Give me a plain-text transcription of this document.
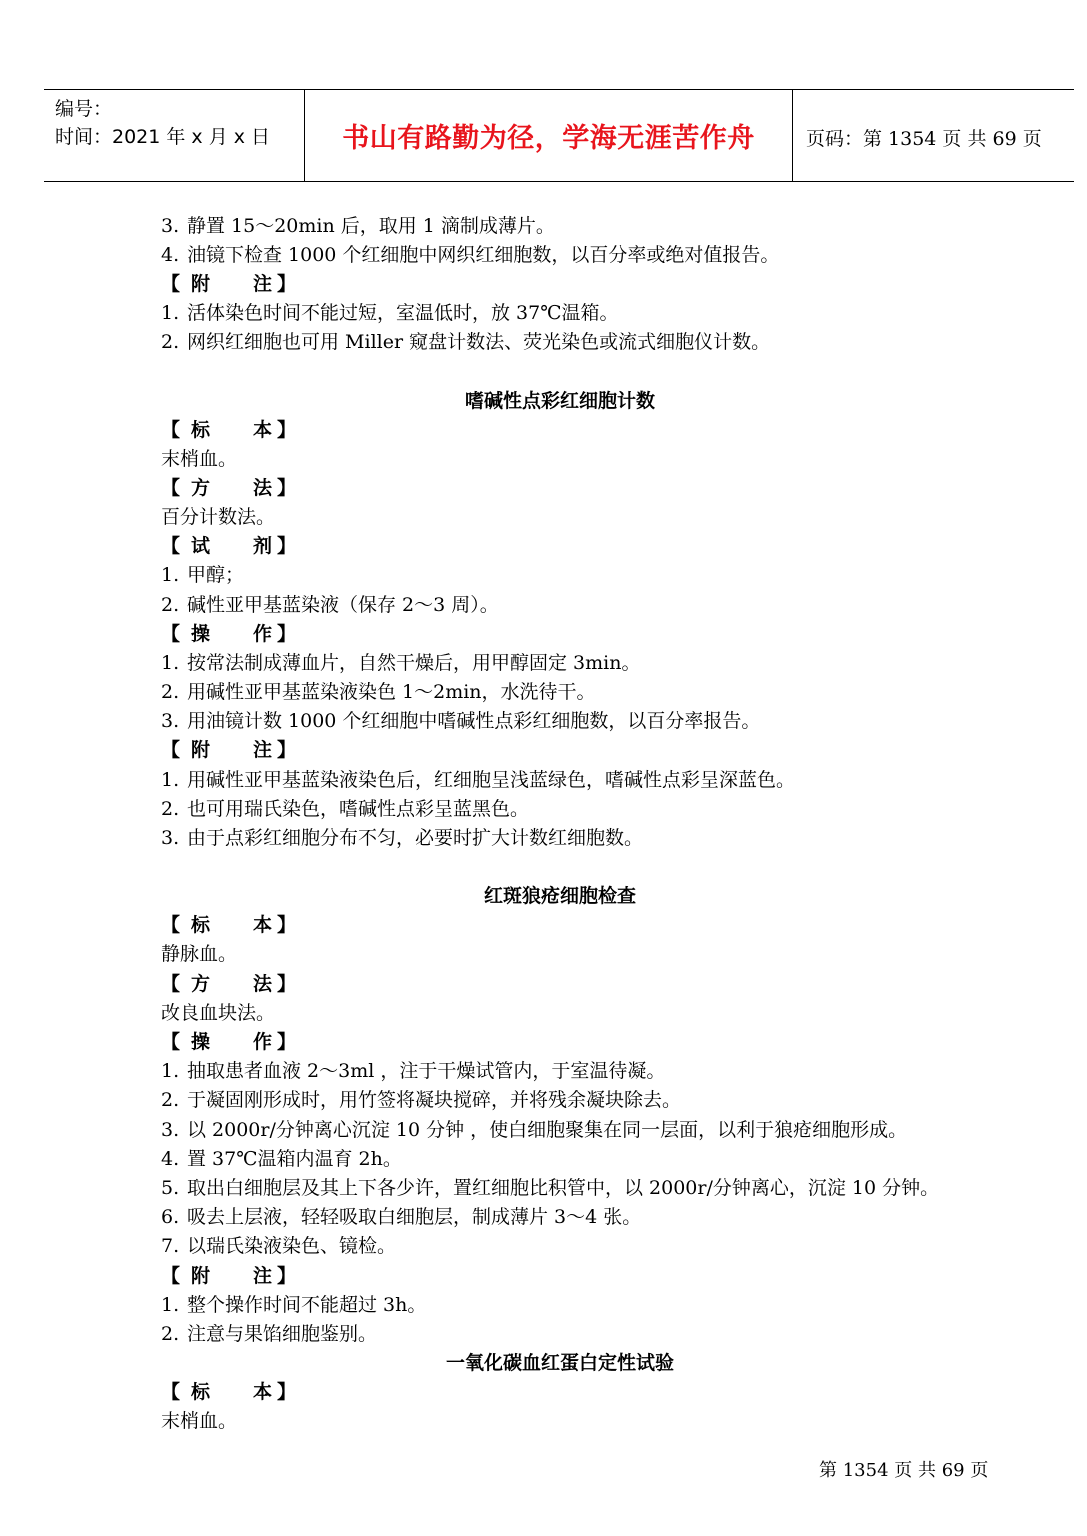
编号：
时间：2021 年 x 月 x 日	书山有路勤为径，学海无涯苦作舟	页码：第 1354 页 共 69 页
3. 静置 15～20min 后，取用 1 滴制成薄片。
4. 油镜下检查 1000 个红细胞中网织红细胞数，以百分率或绝对值报告。
【 附 注 】
1. 活体染色时间不能过短，室温低时，放 37℃温箱。
2. 网织红细胞也可用 Miller 窥盘计数法、荧光染色或流式细胞仪计数。
嗜碱性点彩红细胞计数
【 标 本 】
末梢血。
【 方 法 】
百分计数法。
【 试 剂 】
1. 甲醇；
2. 碱性亚甲基蓝染液（保存 2～3 周）。
【 操 作 】
1. 按常法制成薄血片，自然干燥后，用甲醇固定 3min。
2. 用碱性亚甲基蓝染液染色 1～2min，水洗待干。
3. 用油镜计数 1000 个红细胞中嗜碱性点彩红细胞数，以百分率报告。
【 附 注 】
1. 用碱性亚甲基蓝染液染色后，红细胞呈浅蓝绿色，嗜碱性点彩呈深蓝色。
2. 也可用瑞氏染色，嗜碱性点彩呈蓝黑色。
3. 由于点彩红细胞分布不匀，必要时扩大计数红细胞数。
红斑狼疮细胞检查
【 标 本 】
静脉血。
【 方 法 】
改良血块法。
【 操 作 】
1. 抽取患者血液 2～3ml ，注于干燥试管内，于室温待凝。
2. 于凝固刚形成时，用竹签将凝块搅碎，并将残余凝块除去。
3. 以 2000r/分钟离心沉淀 10 分钟 ，使白细胞聚集在同一层面，以利于狼疮细胞形成。
4. 置 37℃温箱内温育 2h。
5. 取出白细胞层及其上下各少许，置红细胞比积管中，以 2000r/分钟离心，沉淀 10 分钟。
6. 吸去上层液，轻轻吸取白细胞层，制成薄片 3～4 张。
7. 以瑞氏染液染色、镜检。
【 附 注 】
1. 整个操作时间不能超过 3h。
2. 注意与果馅细胞鉴别。
一氧化碳血红蛋白定性试验
【 标 本 】
末梢血。
第 1354 页 共 69 页
